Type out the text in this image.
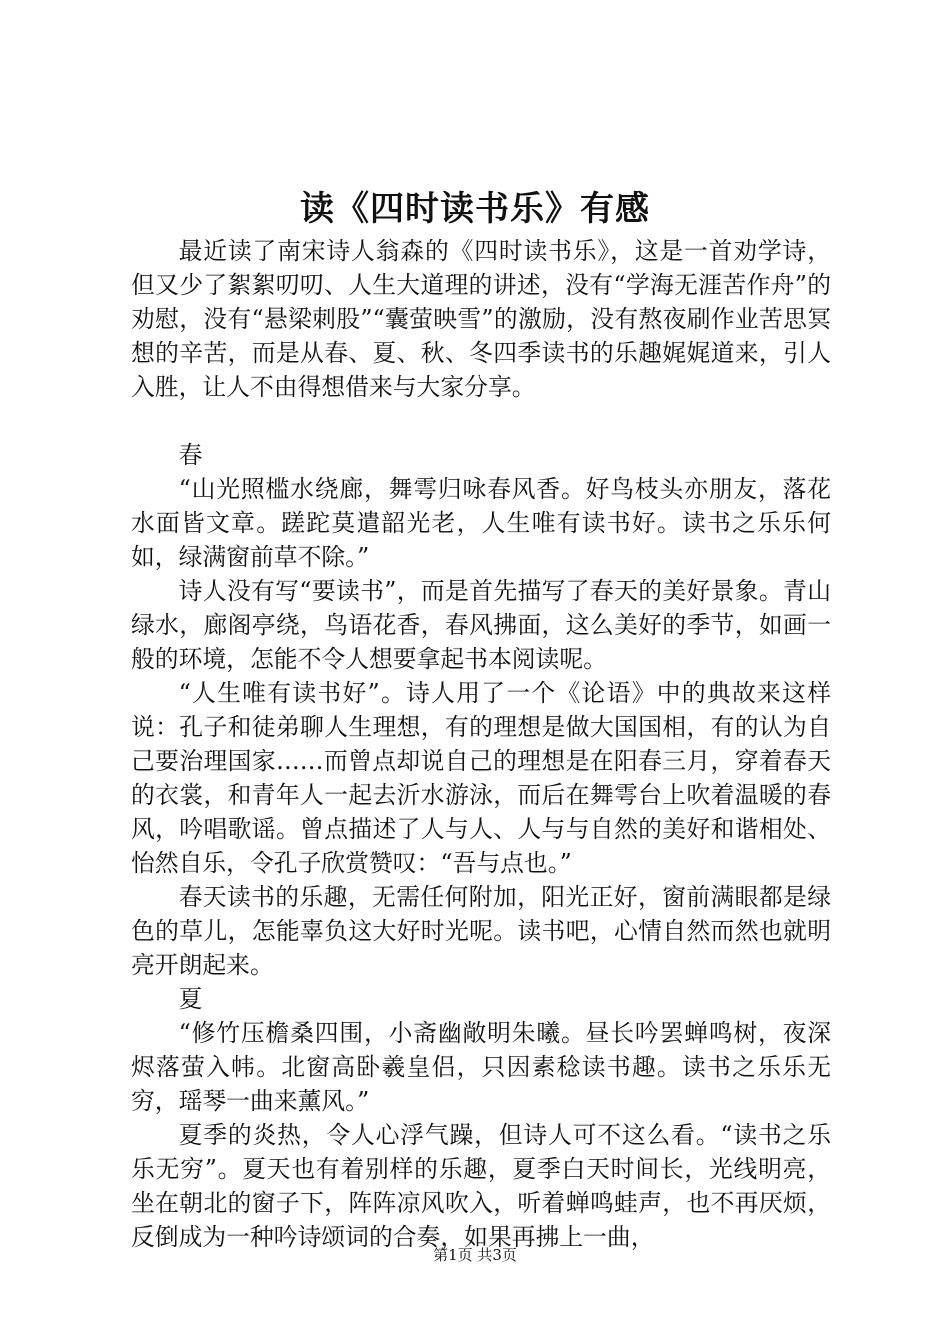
读《四时读书乐》有感

最近读了南宋诗人翁森的《四时读书乐》，这是一首劝学诗，但又少了絮絮叨叨、人生大道理的讲述，没有“学海无涯苦作舟”的劝慰，没有“悬梁刺股”“囊萤映雪”的激励，没有熬夜刷作业苦思冥想的辛苦，而是从春、夏、秋、冬四季读书的乐趣娓娓道来，引人入胜，让人不由得想借来与大家分享。

春

“山光照槛水绕廊，舞雩归咏春风香。好鸟枝头亦朋友，落花水面皆文章。蹉跎莫遣韶光老，人生唯有读书好。读书之乐乐何如，绿满窗前草不除。”

诗人没有写“要读书”，而是首先描写了春天的美好景象。青山绿水，廊阁亭绕，鸟语花香，春风拂面，这么美好的季节，如画一般的环境，怎能不令人想要拿起书本阅读呢。

“人生唯有读书好”。诗人用了一个《论语》中的典故来这样说：孔子和徒弟聊人生理想，有的理想是做大国国相，有的认为自己要治理国家……而曾点却说自己的理想是在阳春三月，穿着春天的衣裳，和青年人一起去沂水游泳，而后在舞雩台上吹着温暖的春风，吟唱歌谣。曾点描述了人与人、人与与自然的美好和谐相处、怡然自乐，令孔子欣赏赞叹：“吾与点也。”

春天读书的乐趣，无需任何附加，阳光正好，窗前满眼都是绿色的草儿，怎能辜负这大好时光呢。读书吧，心情自然而然也就明亮开朗起来。

夏

“修竹压檐桑四围，小斋幽敞明朱曦。昼长吟罢蝉鸣树，夜深烬落萤入帏。北窗高卧羲皇侣，只因素稔读书趣。读书之乐乐无穷，瑶琴一曲来薰风。”

夏季的炎热，令人心浮气躁，但诗人可不这么看。“读书之乐乐无穷”。夏天也有着别样的乐趣，夏季白天时间长，光线明亮，坐在朝北的窗子下，阵阵凉风吹入，听着蝉鸣蛙声，也不再厌烦，反倒成为一种吟诗颂词的合奏，如果再拂上一曲，

第1页 共3页
